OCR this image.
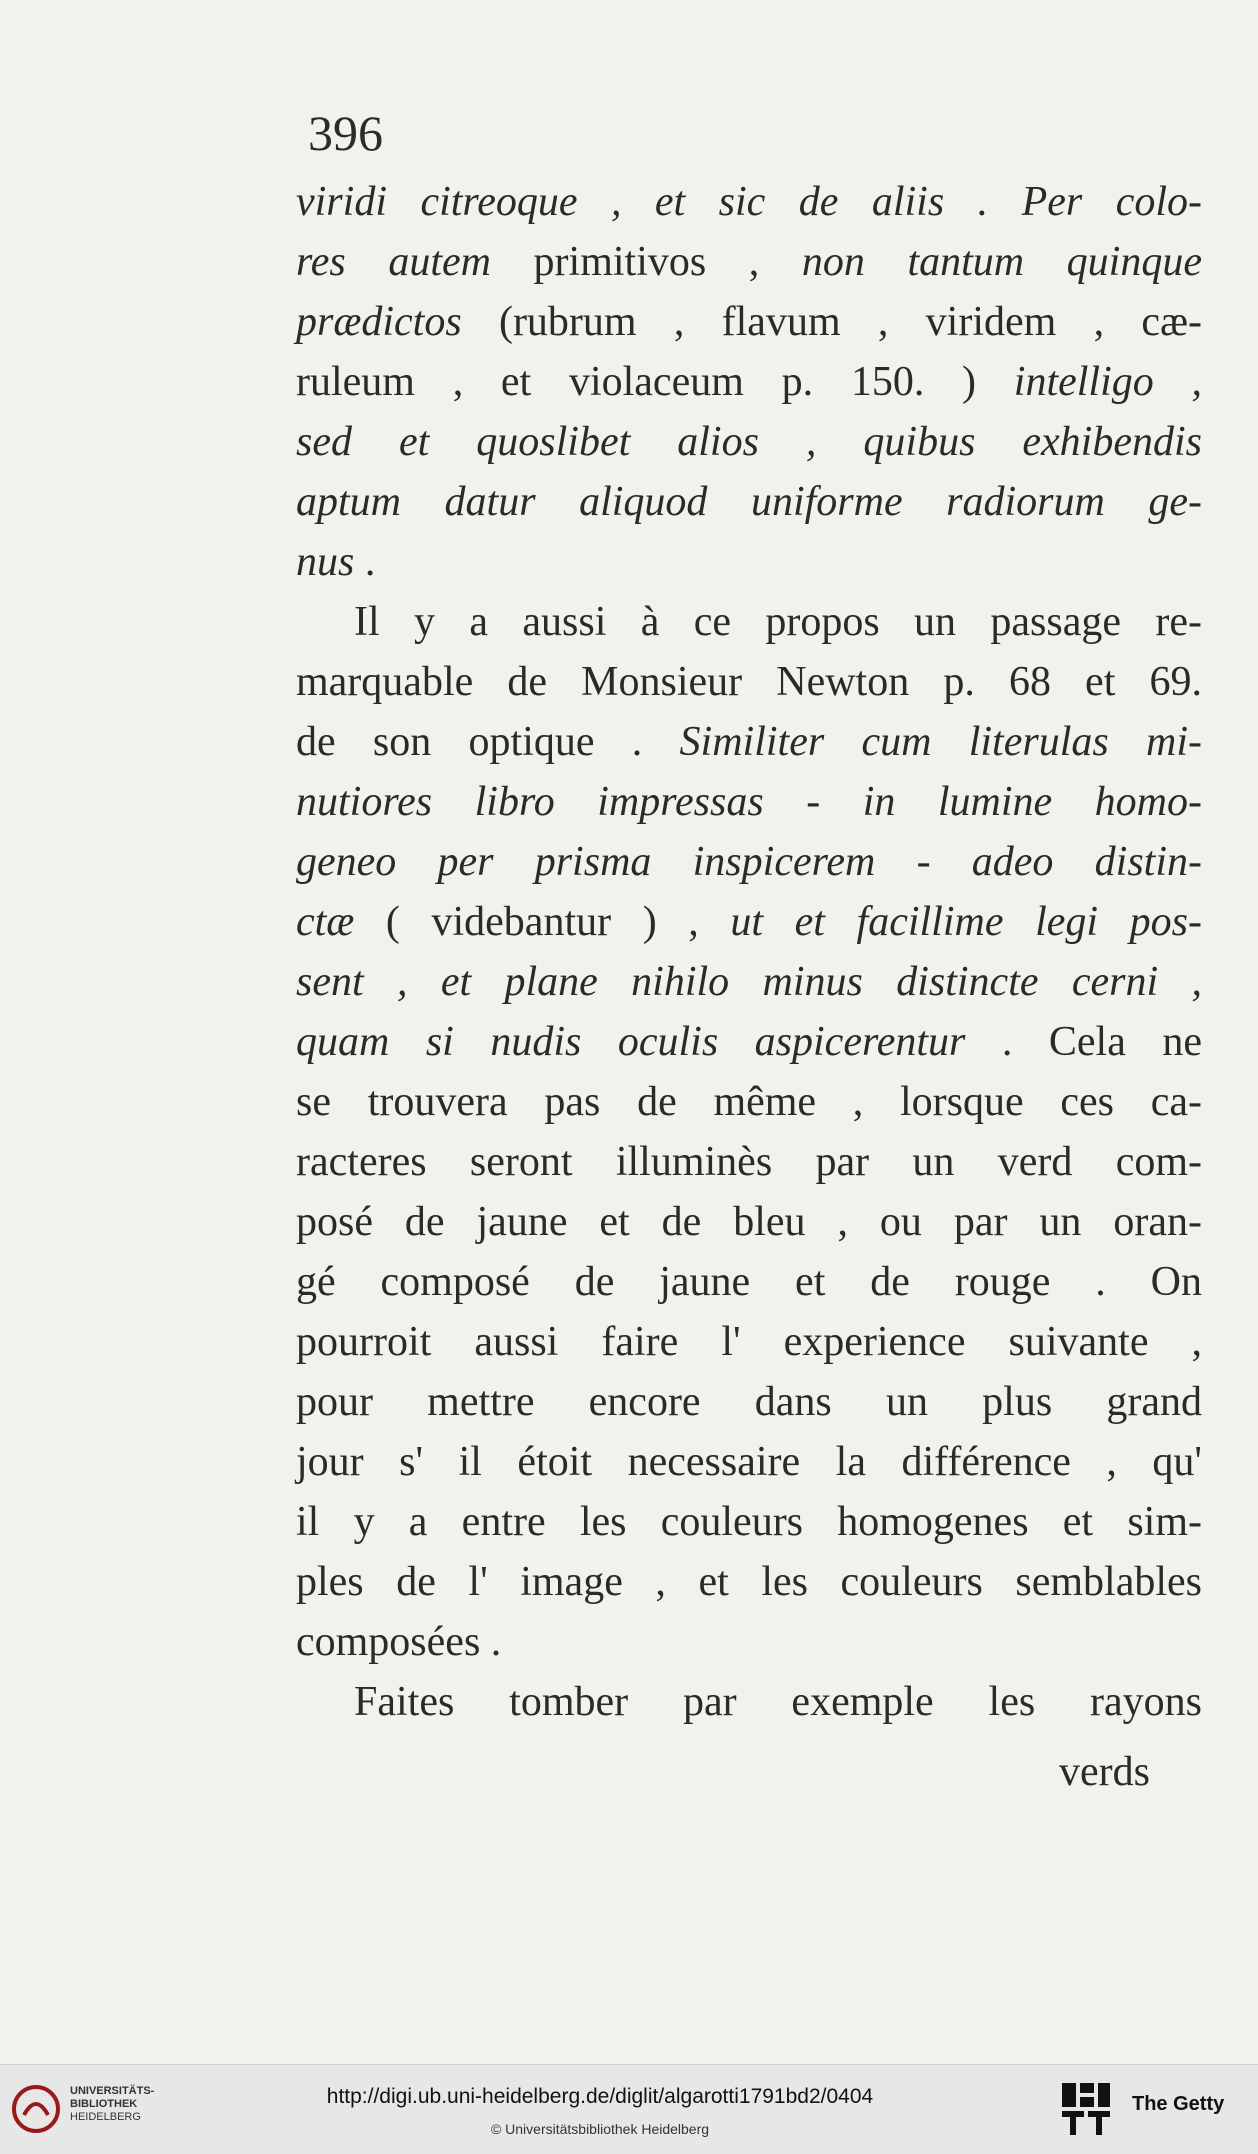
396
viridi citreoque , et sic de aliis . Per colo-
res autem primitivos , non tantum quinque
prædictos (rubrum , flavum , viridem , cæ-
ruleum , et violaceum p. 150. ) intelligo ,
sed et quoslibet alios , quibus exhibendis
aptum datur aliquod uniforme radiorum ge-
nus .
Il y a aussi à ce propos un passage re-
marquable de Monsieur Newton p. 68 et 69.
de son optique . Similiter cum literulas mi-
nutiores libro impressas - in lumine homo-
geneo per prisma inspicerem - adeo distin-
ctæ ( videbantur ) , ut et facillime legi pos-
sent , et plane nihilo minus distincte cerni ,
quam si nudis oculis aspicerentur . Cela ne
se trouvera pas de même , lorsque ces ca-
racteres seront illuminès par un verd com-
posé de jaune et de bleu , ou par un oran-
gé composé de jaune et de rouge . On
pourroit aussi faire l' experience suivante ,
pour mettre encore dans un plus grand
jour s' il étoit necessaire la différence , qu'
il y a entre les couleurs homogenes et sim-
ples de l' image , et les couleurs semblables
composées .
Faites tomber par exemple les rayons
verds
UNIVERSITÄTS-
BIBLIOTHEK
HEIDELBERG
http://digi.ub.uni-heidelberg.de/diglit/algarotti1791bd2/0404
© Universitätsbibliothek Heidelberg
The Getty
